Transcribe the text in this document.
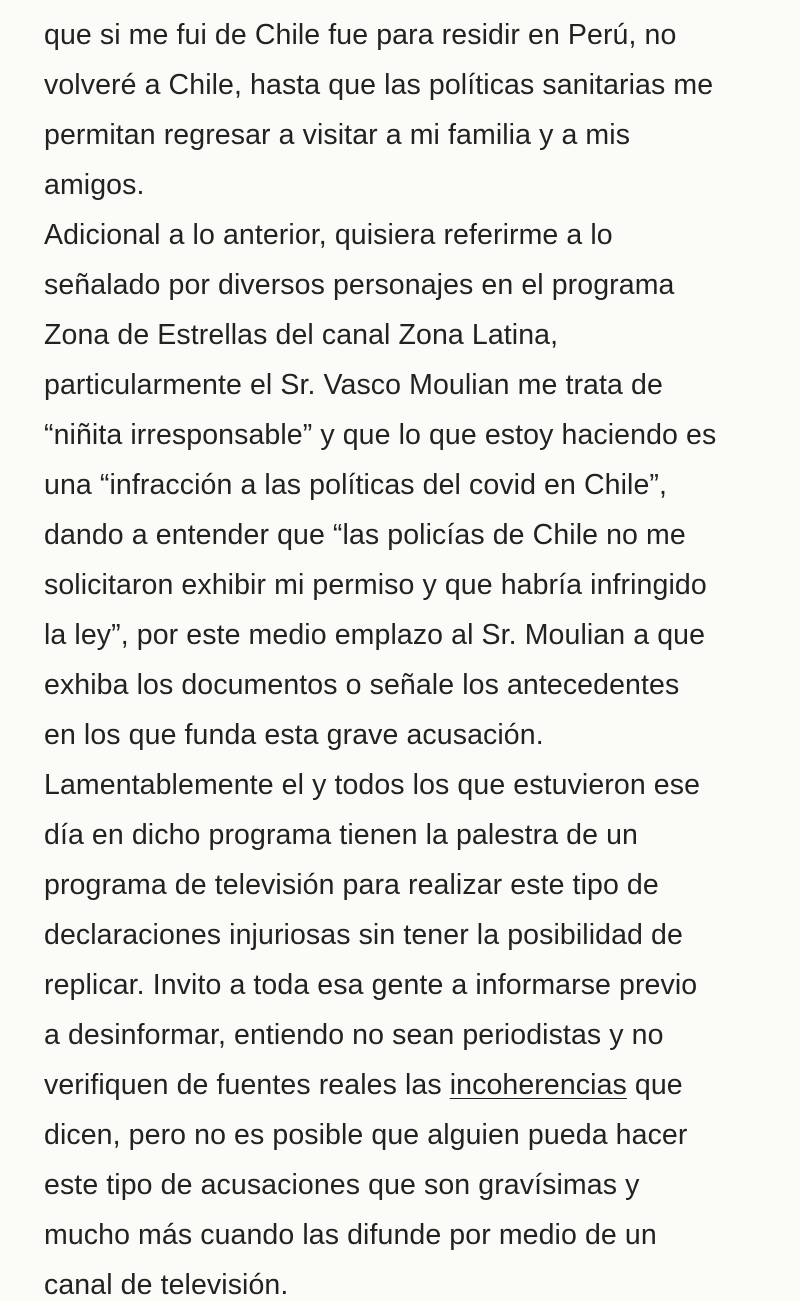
que si me fui de Chile fue para residir en Perú, no
volveré a Chile, hasta que las políticas sanitarias me
permitan regresar a visitar a mi familia y a mis
amigos.
Adicional a lo anterior, quisiera referirme a lo
señalado por diversos personajes en el programa
Zona de Estrellas del canal Zona Latina,
particularmente el Sr. Vasco Moulian me trata de
“niñita irresponsable” y que lo que estoy haciendo es
una “infracción a las políticas del covid en Chile”,
dando a entender que “las policías de Chile no me
solicitaron exhibir mi permiso y que habría infringido
la ley”, por este medio emplazo al Sr. Moulian a que
exhiba los documentos o señale los antecedentes
en los que funda esta grave acusación.
Lamentablemente el y todos los que estuvieron ese
día en dicho programa tienen la palestra de un
programa de televisión para realizar este tipo de
declaraciones injuriosas sin tener la posibilidad de
replicar. Invito a toda esa gente a informarse previo
a desinformar, entiendo no sean periodistas y no
verifiquen de fuentes reales las incoherencias que
dicen, pero no es posible que alguien pueda hacer
este tipo de acusaciones que son gravísimas y
mucho más cuando las difunde por medio de un
canal de televisión.
